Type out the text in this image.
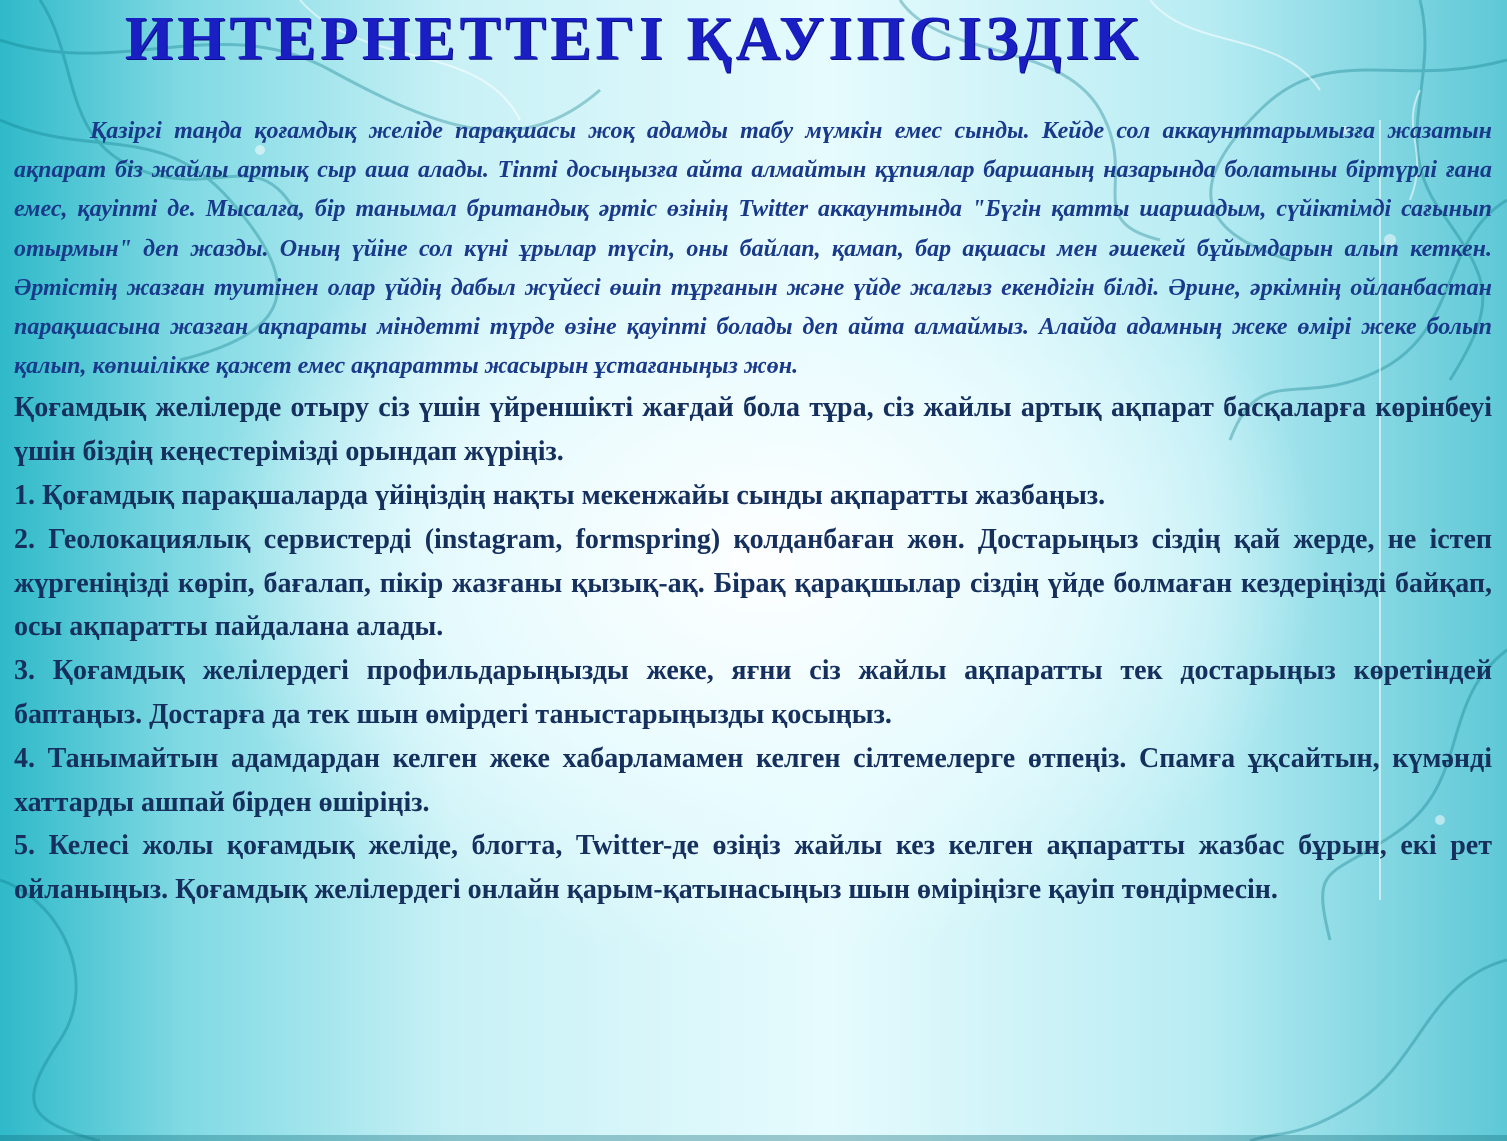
ИНТЕРНЕТТЕГІ ҚАУІПСІЗДІК

Қазіргі таңда қоғамдық желіде парақшасы жоқ адамды табу мүмкін емес сынды. Кейде сол аккаунттарымызға жазатын ақпарат біз жайлы артық сыр аша алады. Тіпті досыңызға айта алмайтын құпиялар баршаның назарында болатыны біртүрлі ғана емес, қауіпті де. Мысалға, бір танымал британдық әртіс өзінің Twitter аккаунтында "Бүгін қатты шаршадым, сүйіктімді сағынып отырмын" деп жазды. Оның үйіне сол күні ұрылар түсіп, оны байлап, қамап, бар ақшасы мен әшекей бұйымдарын алып кеткен. Әртістің жазған туитінен олар үйдің дабыл жүйесі өшіп тұрғанын және үйде жалғыз екендігін білді. Әрине, әркімнің ойланбастан парақшасына жазған ақпараты міндетті түрде өзіне қауіпті болады деп айта алмаймыз. Алайда адамның жеке өмірі жеке болып қалып, көпшілікке қажет емес ақпаратты жасырын ұстағаныңыз жөн.

Қоғамдық желілерде отыру сіз үшін үйреншікті жағдай бола тұра, сіз жайлы артық ақпарат басқаларға көрінбеуі үшін біздің кеңестерімізді орындап жүріңіз.

1. Қоғамдық парақшаларда үйіңіздің нақты мекенжайы сынды ақпаратты жазбаңыз.

2. Геолокациялық сервистерді (instagram, formspring) қолданбаған жөн. Достарыңыз сіздің қай жерде, не істеп жүргеніңізді көріп, бағалап, пікір жазғаны қызық-ақ. Бірақ қарақшылар сіздің үйде болмаған кездеріңізді байқап, осы ақпаратты пайдалана алады.

3. Қоғамдық желілердегі профильдарыңызды жеке, яғни сіз жайлы ақпаратты тек достарыңыз көретіндей баптаңыз. Достарға да тек шын өмірдегі таныстарыңызды қосыңыз.

4. Танымайтын адамдардан келген жеке хабарламамен келген сілтемелерге өтпеңіз. Спамға ұқсайтын, күмәнді хаттарды ашпай бірден өшіріңіз.

5. Келесі жолы қоғамдық желіде, блогта, Twitter-де өзіңіз жайлы кез келген ақпаратты жазбас бұрын, екі рет ойланыңыз. Қоғамдық желілердегі онлайн қарым-қатынасыңыз шын өміріңізге қауіп төндірмесін.
